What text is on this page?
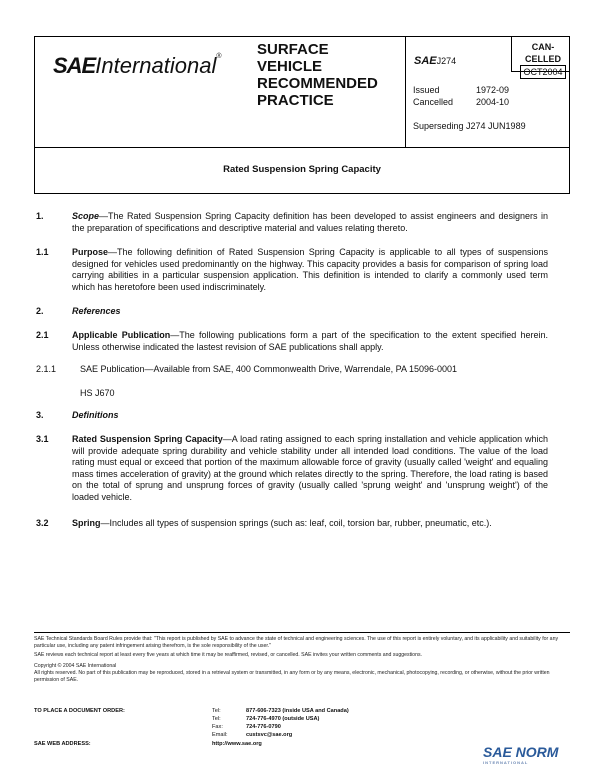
SAEInternational® SURFACE
VEHICLE
RECOMMENDED
PRACTICE
SAEJ274
CAN-
CELLED
OCT2004
Issued	1972-09
Cancelled	2004-10
Superseding J274 JUN1989
Rated Suspension Spring Capacity
1.	Scope—The Rated Suspension Spring Capacity definition has been developed to assist engineers and designers in the preparation of specifications and descriptive material and values relating thereto.
1.1	Purpose—The following definition of Rated Suspension Spring Capacity is applicable to all types of suspensions designed for vehicles used predominantly on the highway. This capacity provides a basis for comparison of spring load carrying abilities in a particular suspension application. This definition is intended to clarify a commonly used term which has heretofore been used indiscriminately.
2.	References
2.1	Applicable Publication—The following publications form a part of the specification to the extent specified herein. Unless otherwise indicated the lastest revision of SAE publications shall apply.
2.1.1	SAE Publication—Available from SAE, 400 Commonwealth Drive, Warrendale, PA 15096-0001
HS J670
3.	Definitions
3.1	Rated Suspension Spring Capacity—A load rating assigned to each spring installation and vehicle application which will provide adequate spring durability and vehicle stability under all intended load conditions. The value of the load rating must equal or exceed that portion of the maximum allowable force of gravity (usually called 'weight' and equaling mass times acceleration of gravity) at the ground which relates directly to the spring. Therefore, the load rating is based on the total of sprung and unsprung forces of gravity (usually called 'sprung weight' and 'unsprung weight') of the loaded vehicle.
3.2	Spring—Includes all types of suspension springs (such as: leaf, coil, torsion bar, rubber, pneumatic, etc.).
SAE Technical Standards Board Rules provide that: "This report is published by SAE to advance the state of technical and engineering sciences. The use of this report is entirely voluntary, and its applicability and suitability for any particular use, including any patent infringement arising therefrom, is the sole responsibility of the user."
SAE reviews each technical report at least every five years at which time it may be reaffirmed, revised, or cancelled. SAE invites your written comments and suggestions.
Copyright © 2004 SAE International
All rights reserved. No part of this publication may be reproduced, stored in a retrieval system or transmitted, in any form or by any means, electronic, mechanical, photocopying, recording, or otherwise, without the prior written permission of SAE.
TO PLACE A DOCUMENT ORDER:	Tel:	877-606-7323 (inside USA and Canada)
Tel:	724-776-4970 (outside USA)
Fax:	724-776-0790
Email:	custsvc@sae.org
SAE WEB ADDRESS:	http://www.sae.org	SAE NORM
INTERNATIONAL
